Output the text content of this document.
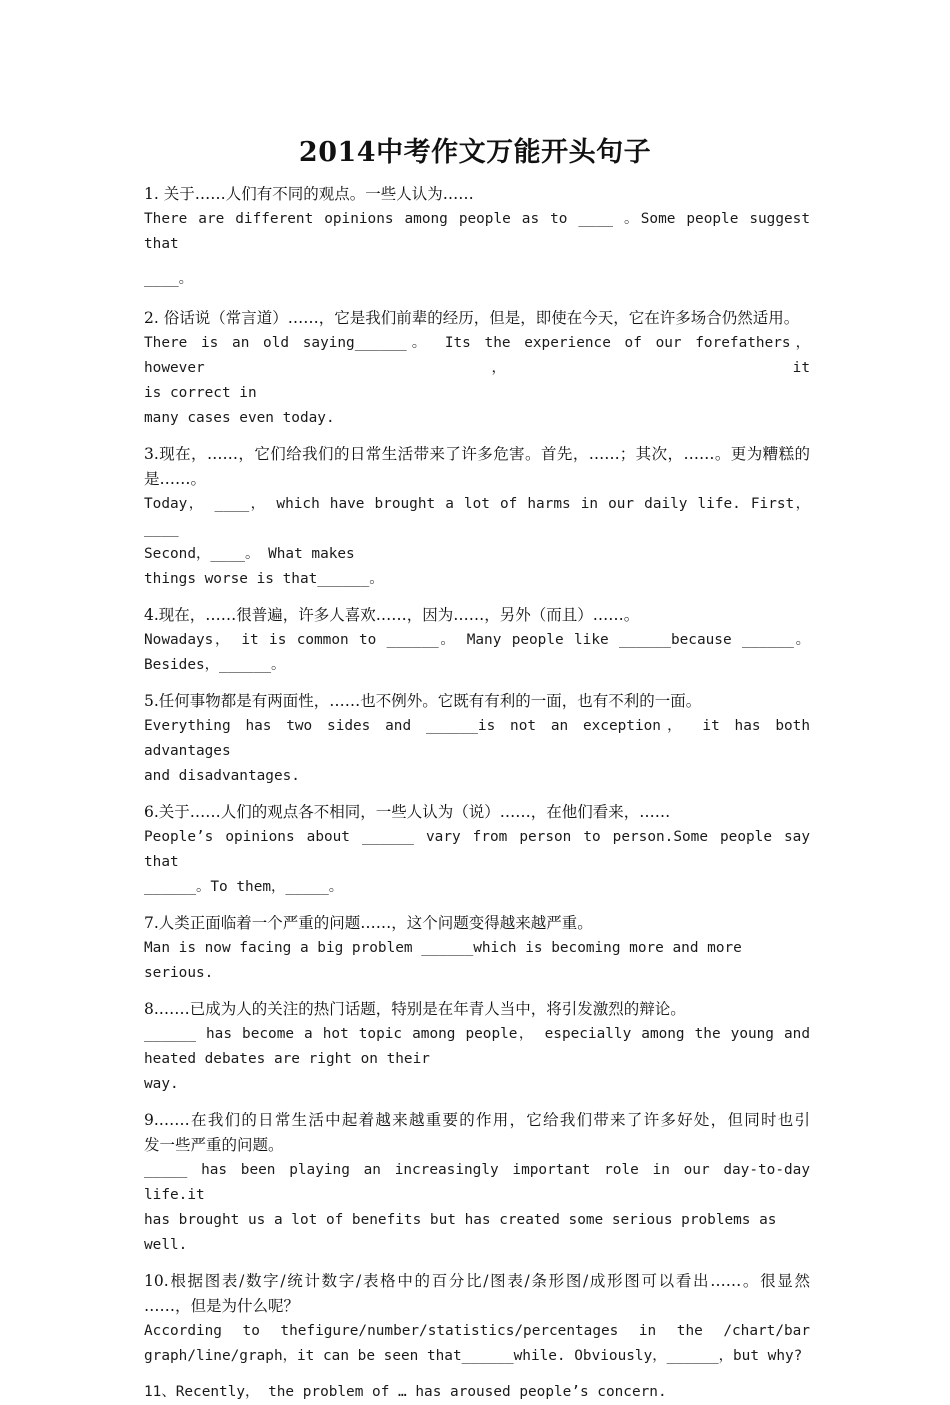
2014中考作文万能开头句子

1. 关于……人们有不同的观点。一些人认为……

There are different opinions among people as to ____ 。Some people suggest that

____。

2. 俗话说（常言道）……，它是我们前辈的经历，但是，即使在今天，它在许多场合仍然适用。

There is an old saying______。 Its the experience of our forefathers，however，it

is correct in

many cases even today.

3.现在，……，它们给我们的日常生活带来了许多危害。首先，……；其次，……。更为糟糕的

是……。

Today， ____， which have brought a lot of harms in our daily life. First， ____

Second，____。 What makes

things worse is that______。

4.现在，……很普遍，许多人喜欢……，因为……，另外（而且）……。

Nowadays， it is common to ______。 Many people like ______because ______。

Besides，______。

5.任何事物都是有两面性，……也不例外。它既有有利的一面，也有不利的一面。

Everything has two sides and ______is not an exception， it has both advantages

and disadvantages.

6.关于……人们的观点各不相同，一些人认为（说）……，在他们看来，……

People’s opinions about ______ vary from person to person.Some people say that

______。To them，_____。

7.人类正面临着一个严重的问题……，这个问题变得越来越严重。

Man is now facing a big problem ______which is becoming more and more serious.

8.……已成为人的关注的热门话题，特别是在年青人当中，将引发激烈的辩论。

______ has become a hot topic among people， especially among the young and

heated debates are right on their

way.

9.……在我们的日常生活中起着越来越重要的作用，它给我们带来了许多好处，但同时也引

发一些严重的问题。

_____ has been playing an increasingly important role in our day-to-day life.it

has brought us a lot of benefits but has created some serious problems as well.

10.根据图表/数字/统计数字/表格中的百分比/图表/条形图/成形图可以看出……。很显然

……，但是为什么呢？

According to thefigure/number/statistics/percentages in the /chart/bar

graph/line/graph，it can be seen that______while. Obviously，______，but why?

11、Recently， the problem of … has aroused people’s concern.
